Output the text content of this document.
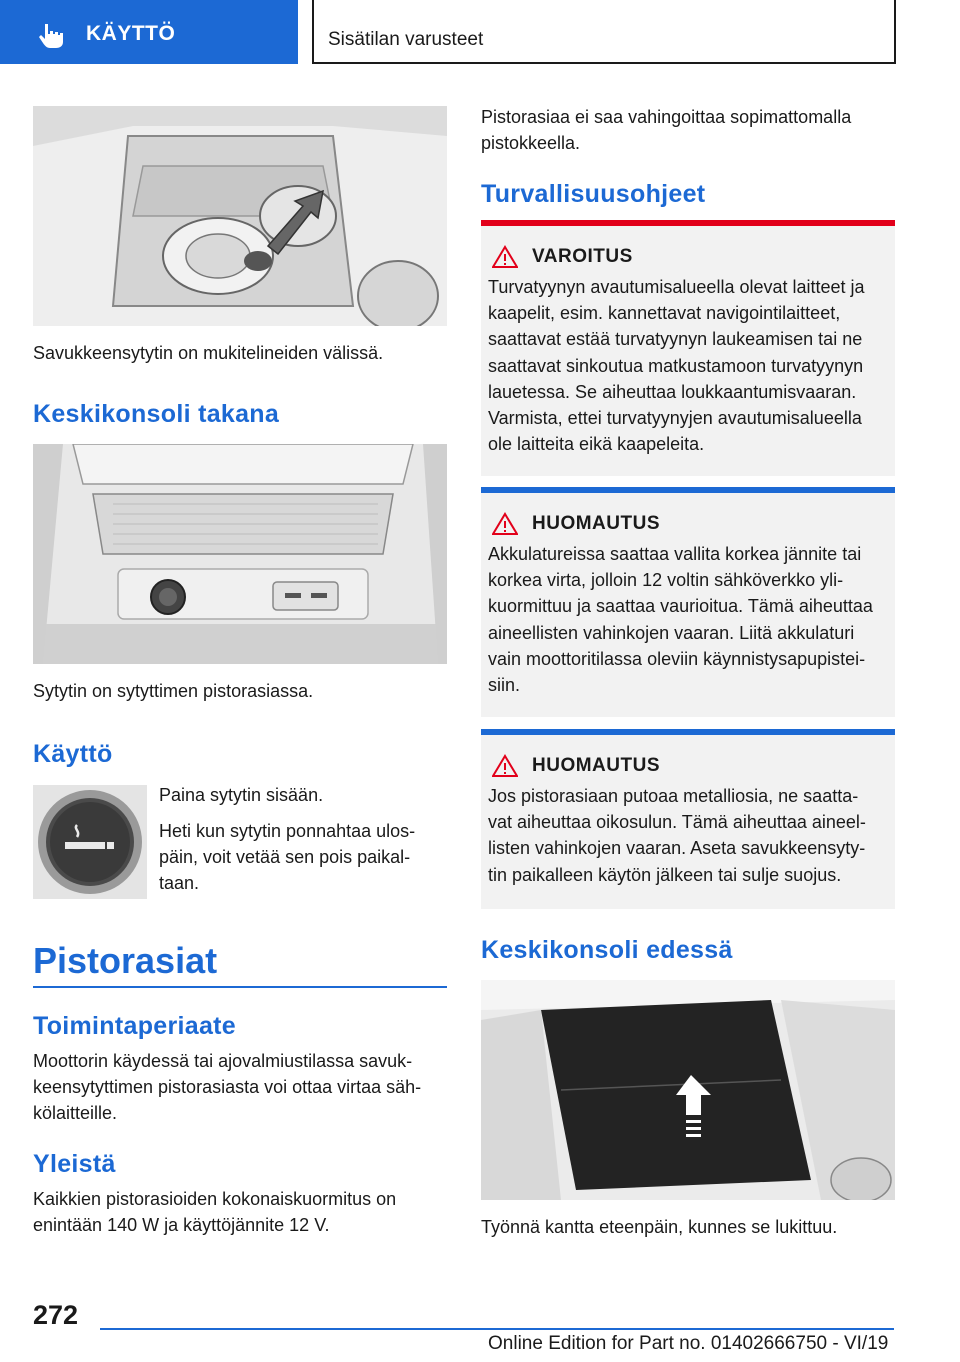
KÄYTTÖ	Sisätilan varusteet
Savukkeensytytin on mukitelineiden välissä.
Keskikonsoli takana
Sytytin on sytyttimen pistorasiassa.
Käyttö
Paina sytytin sisään.
Heti kun sytytin ponnahtaa ulos-
päin, voit vetää sen pois paikal-
taan.
Pistorasiat
Toimintaperiaate
Moottorin käydessä tai ajovalmiustilassa savuk-
keensytyttimen pistorasiasta voi ottaa virtaa säh-
kölaitteille.
Yleistä
Kaikkien pistorasioiden kokonaiskuormitus on
enintään 140 W ja käyttöjännite 12 V.
Pistorasiaa ei saa vahingoittaa sopimattomalla
pistokkeella.
Turvallisuusohjeet
VAROITUS
Turvatyynyn avautumisalueella olevat laitteet ja
kaapelit, esim. kannettavat navigointilaitteet,
saattavat estää turvatyynyn laukeamisen tai ne
saattavat sinkoutua matkustamoon turvatyynyn
lauetessa. Se aiheuttaa loukkaantumisvaaran.
Varmista, ettei turvatyynyjen avautumisalueella
ole laitteita eikä kaapeleita.
HUOMAUTUS
Akkulatureissa saattaa vallita korkea jännite tai
korkea virta, jolloin 12 voltin sähköverkko yli-
kuormittuu ja saattaa vaurioitua. Tämä aiheuttaa
aineellisten vahinkojen vaaran. Liitä akkulaturi
vain moottoritilassa oleviin käynnistysapupistei-
siin.
HUOMAUTUS
Jos pistorasiaan putoaa metalliosia, ne saatta-
vat aiheuttaa oikosulun. Tämä aiheuttaa aineel-
listen vahinkojen vaaran. Aseta savukkeensyty-
tin paikalleen käytön jälkeen tai sulje suojus.
Keskikonsoli edessä
Työnnä kantta eteenpäin, kunnes se lukittuu.
272
Online Edition for Part no. 01402666750 - VI/19
